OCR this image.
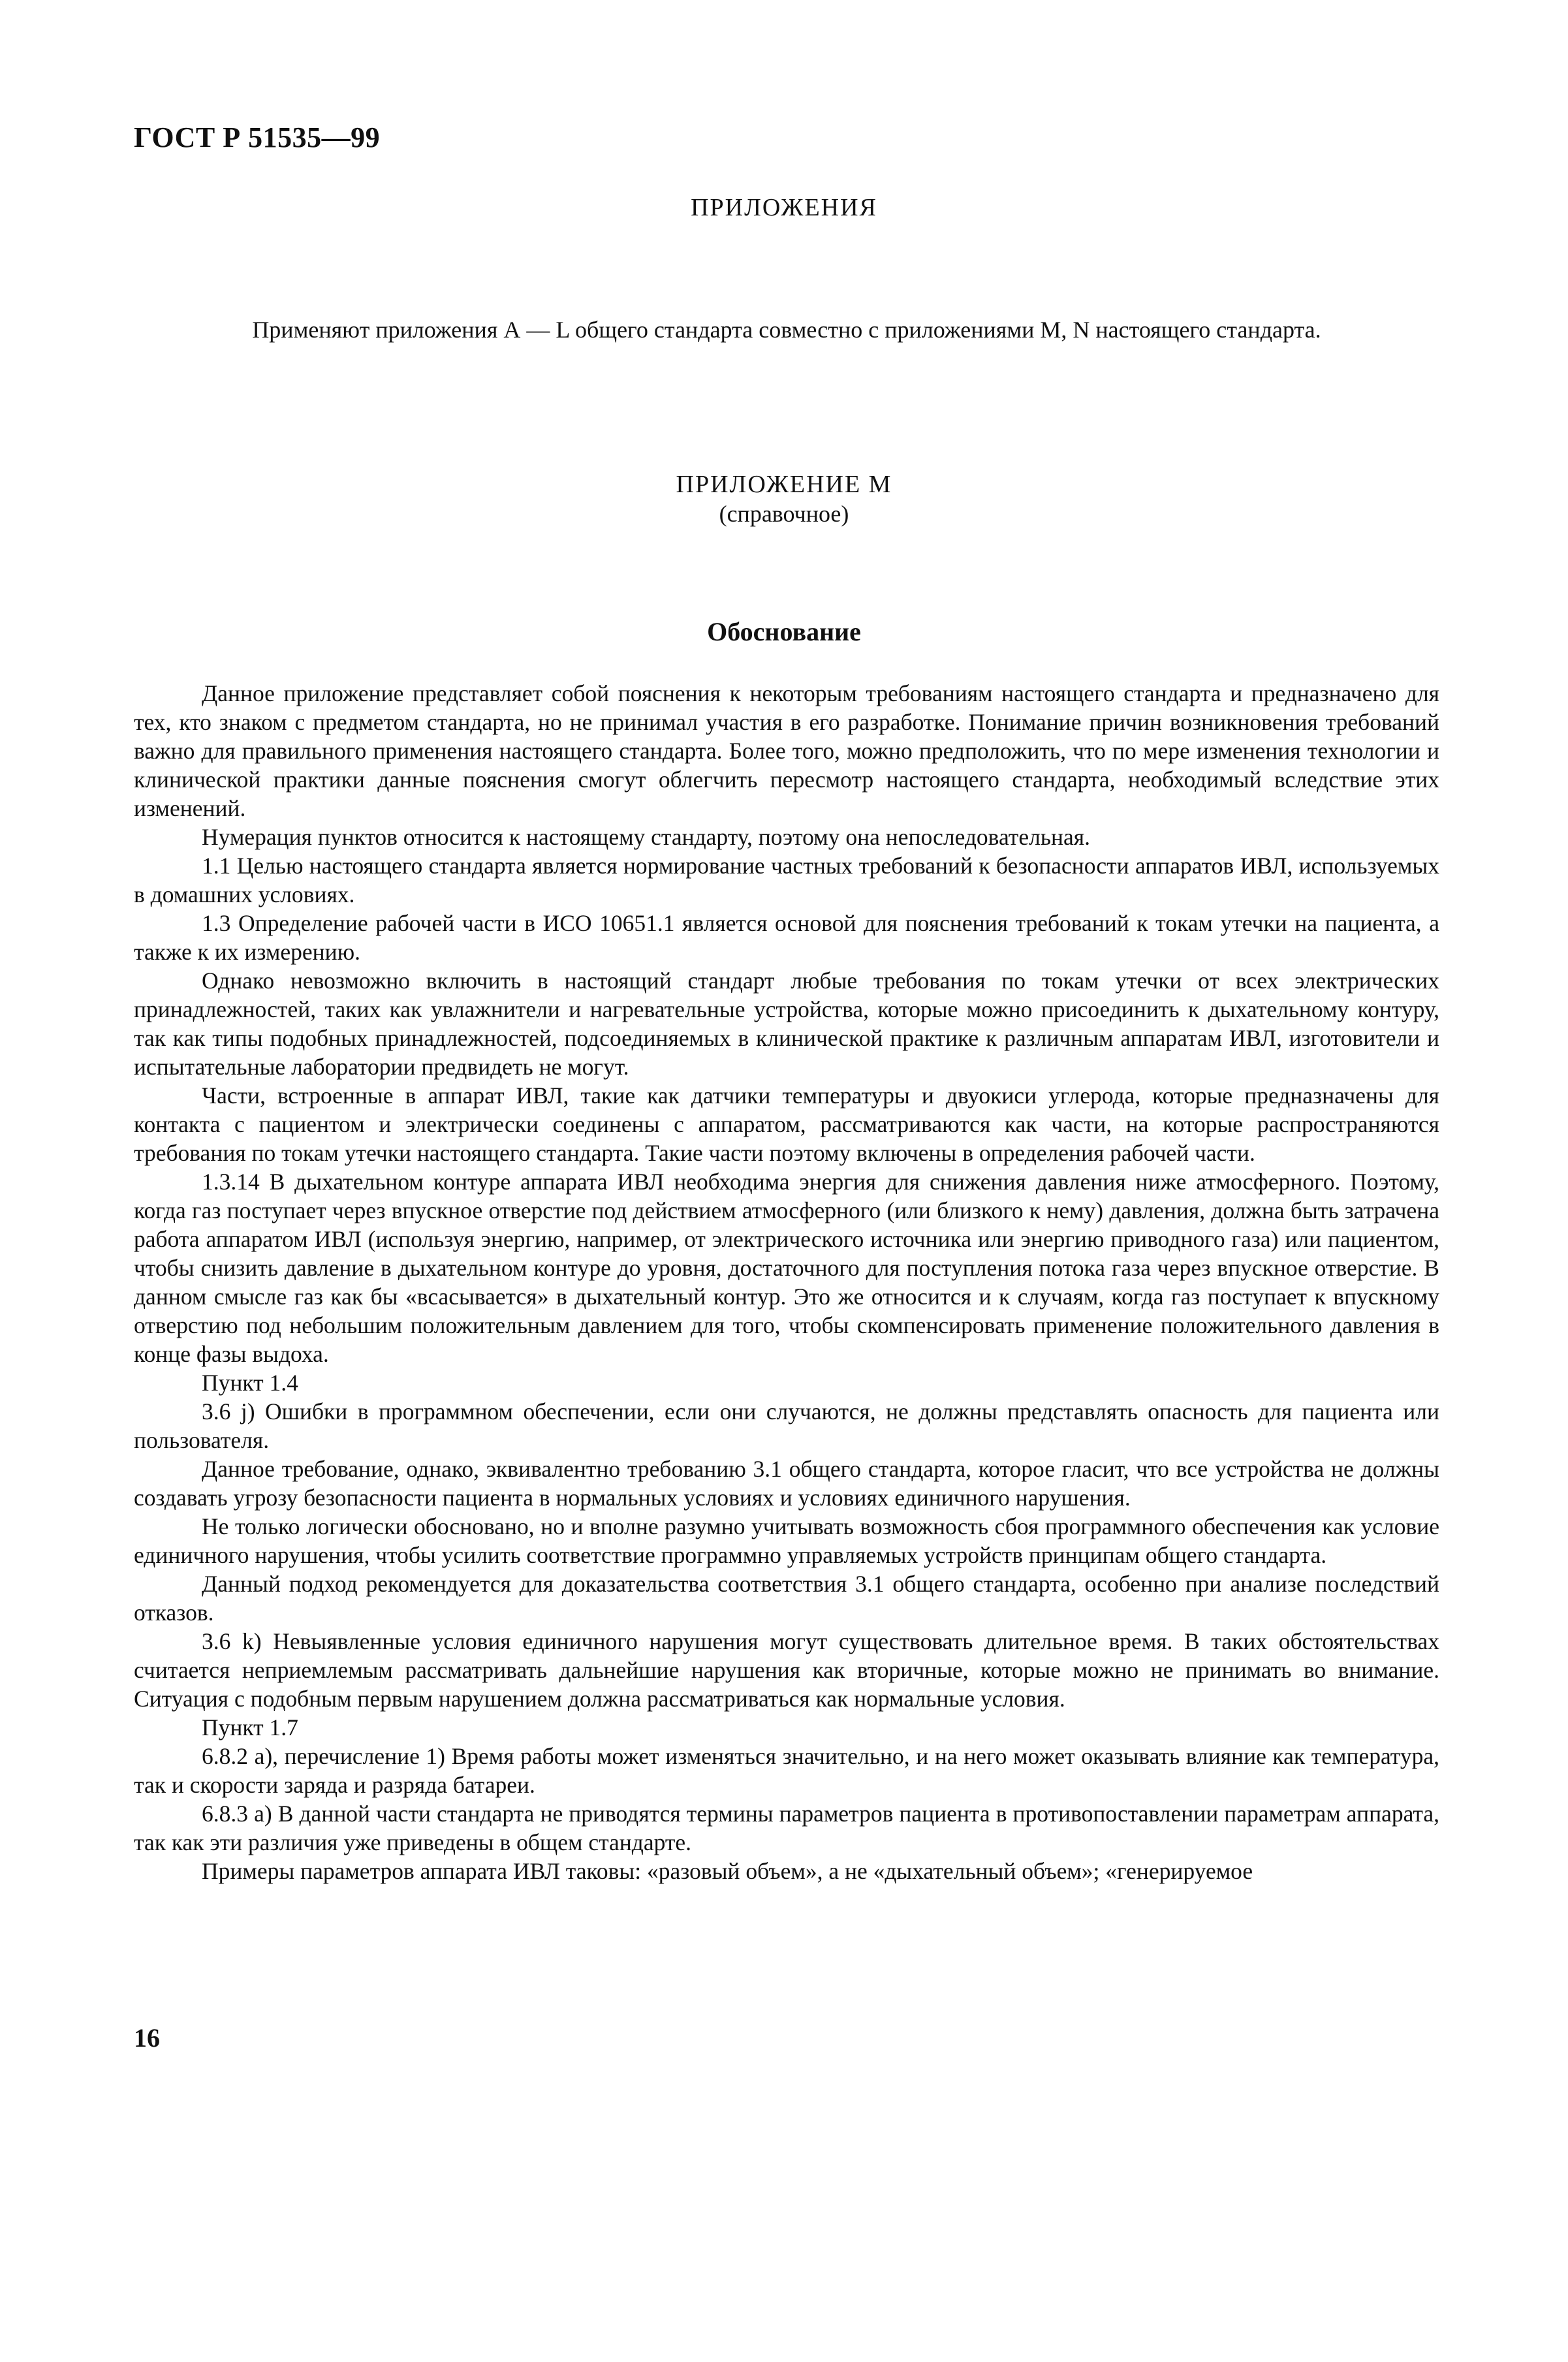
ГОСТ Р 51535—99

ПРИЛОЖЕНИЯ

Применяют приложения А — L общего стандарта совместно с приложениями М, N настоящего стандарта.

ПРИЛОЖЕНИЕ М

(справочное)

Обоснование

Данное приложение представляет собой пояснения к некоторым требованиям настоящего стандарта и предназначено для тех, кто знаком с предметом стандарта, но не принимал участия в его разработке. Понимание причин возникновения требований важно для правильного применения настоящего стандарта. Более того, можно предположить, что по мере изменения технологии и клинической практики данные пояснения смогут облегчить пересмотр настоящего стандарта, необходимый вследствие этих изменений.

Нумерация пунктов относится к настоящему стандарту, поэтому она непоследовательная.

1.1 Целью настоящего стандарта является нормирование частных требований к безопасности аппаратов ИВЛ, используемых в домашних условиях.

1.3 Определение рабочей части в ИСО 10651.1 является основой для пояснения требований к токам утечки на пациента, а также к их измерению.

Однако невозможно включить в настоящий стандарт любые требования по токам утечки от всех электрических принадлежностей, таких как увлажнители и нагревательные устройства, которые можно присоединить к дыхательному контуру, так как типы подобных принадлежностей, подсоединяемых в клинической практике к различным аппаратам ИВЛ, изготовители и испытательные лаборатории предвидеть не могут.

Части, встроенные в аппарат ИВЛ, такие как датчики температуры и двуокиси углерода, которые предназначены для контакта с пациентом и электрически соединены с аппаратом, рассматриваются как части, на которые распространяются требования по токам утечки настоящего стандарта. Такие части поэтому включены в определения рабочей части.

1.3.14 В дыхательном контуре аппарата ИВЛ необходима энергия для снижения давления ниже атмосферного. Поэтому, когда газ поступает через впускное отверстие под действием атмосферного (или близкого к нему) давления, должна быть затрачена работа аппаратом ИВЛ (используя энергию, например, от электрического источника или энергию приводного газа) или пациентом, чтобы снизить давление в дыхательном контуре до уровня, достаточного для поступления потока газа через впускное отверстие. В данном смысле газ как бы «всасывается» в дыхательный контур. Это же относится и к случаям, когда газ поступает к впускному отверстию под небольшим положительным давлением для того, чтобы скомпенсировать применение положительного давления в конце фазы выдоха.

Пункт 1.4

3.6 j) Ошибки в программном обеспечении, если они случаются, не должны представлять опасность для пациента или пользователя.

Данное требование, однако, эквивалентно требованию 3.1 общего стандарта, которое гласит, что все устройства не должны создавать угрозу безопасности пациента в нормальных условиях и условиях единичного нарушения.

Не только логически обосновано, но и вполне разумно учитывать возможность сбоя программного обеспечения как условие единичного нарушения, чтобы усилить соответствие программно управляемых устройств принципам общего стандарта.

Данный подход рекомендуется для доказательства соответствия 3.1 общего стандарта, особенно при анализе последствий отказов.

3.6 k) Невыявленные условия единичного нарушения могут существовать длительное время. В таких обстоятельствах считается неприемлемым рассматривать дальнейшие нарушения как вторичные, которые можно не принимать во внимание. Ситуация с подобным первым нарушением должна рассматриваться как нормальные условия.

Пункт 1.7

6.8.2 а), перечисление 1) Время работы может изменяться значительно, и на него может оказывать влияние как температура, так и скорости заряда и разряда батареи.

6.8.3 а) В данной части стандарта не приводятся термины параметров пациента в противопоставлении параметрам аппарата, так как эти различия уже приведены в общем стандарте.

Примеры параметров аппарата ИВЛ таковы: «разовый объем», а не «дыхательный объем»; «генерируемое

16
